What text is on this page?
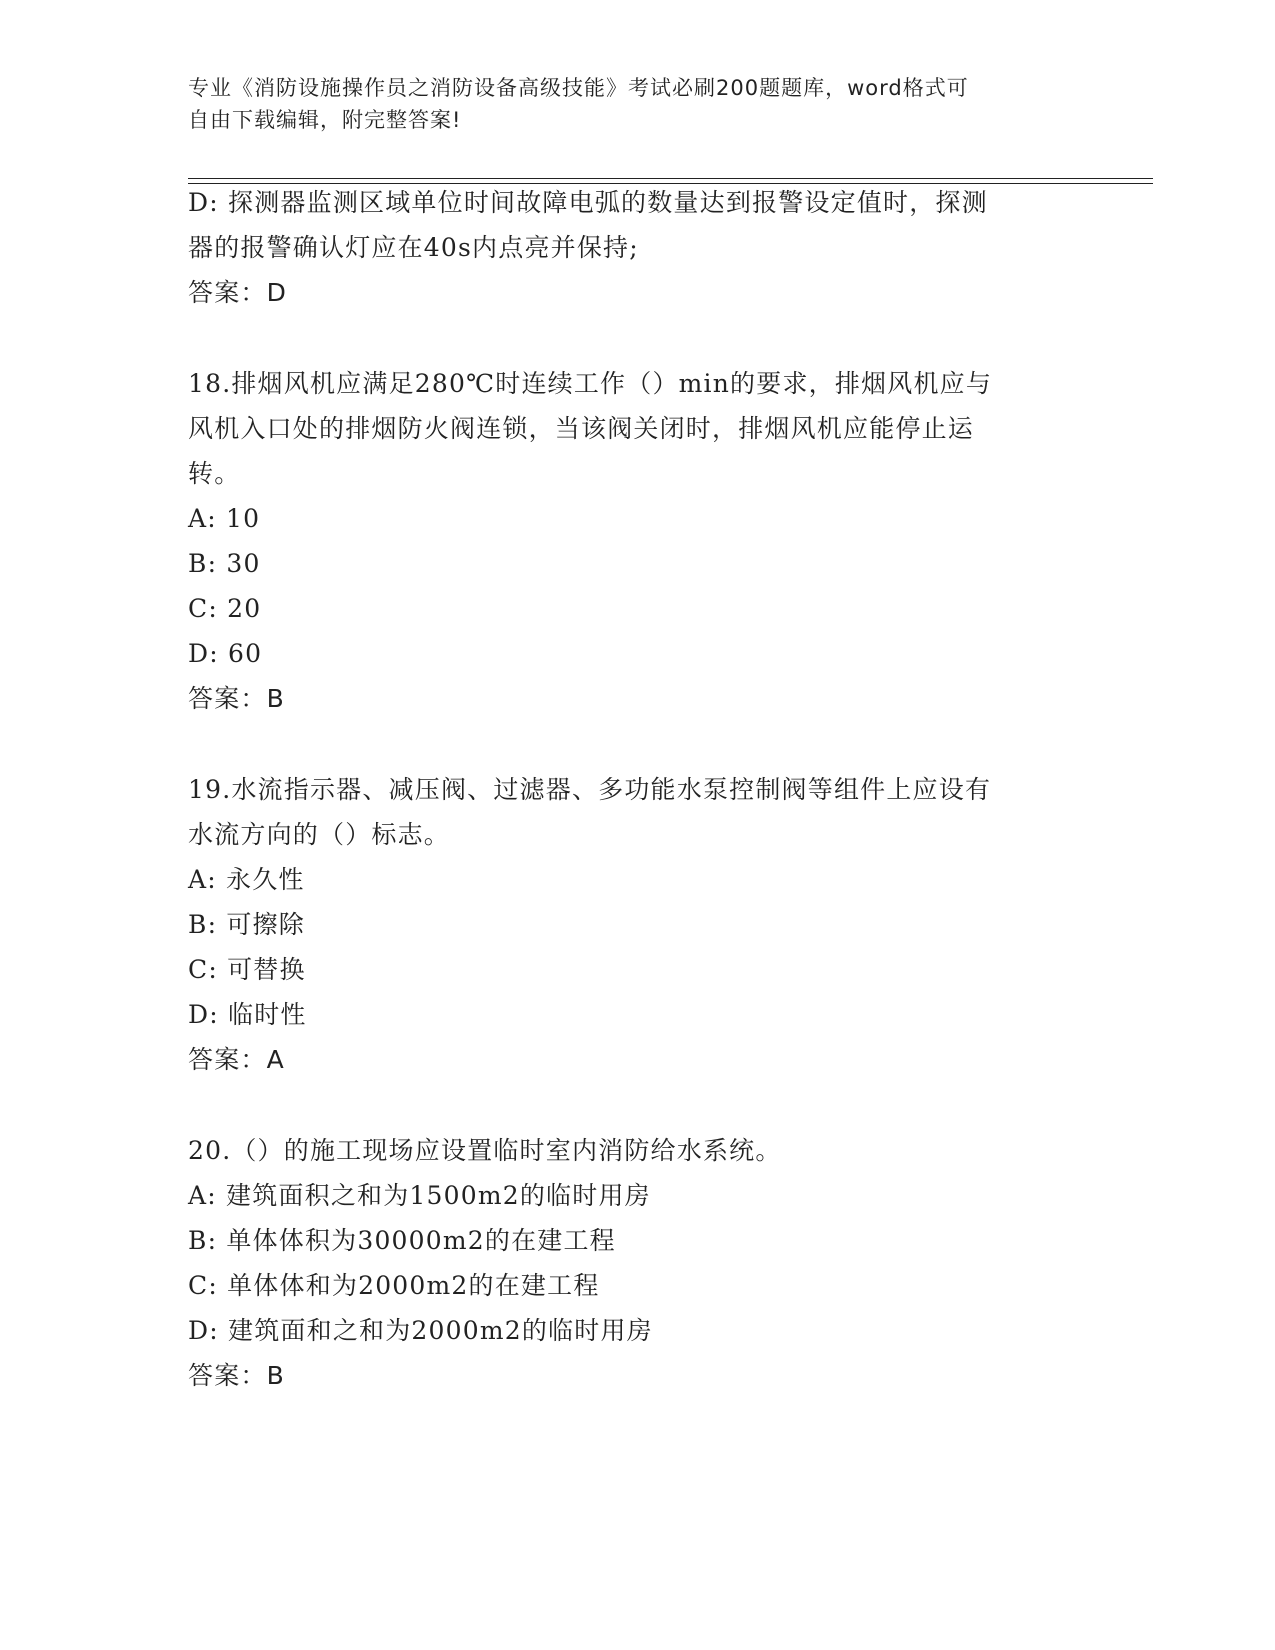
专业《消防设施操作员之消防设备高级技能》考试必刷200题题库，word格式可
自由下载编辑，附完整答案!
D: 探测器监测区域单位时间故障电弧的数量达到报警设定值时，探测
器的报警确认灯应在40s内点亮并保持;
答案：D
18.排烟风机应满足280℃时连续工作（）min的要求，排烟风机应与
风机入口处的排烟防火阀连锁，当该阀关闭时，排烟风机应能停止运
转。
A: 10
B: 30
C: 20
D: 60
答案：B
19.水流指示器、减压阀、过滤器、多功能水泵控制阀等组件上应设有
水流方向的（）标志。
A: 永久性
B: 可擦除
C: 可替换
D: 临时性
答案：A
20.（）的施工现场应设置临时室内消防给水系统。
A: 建筑面积之和为1500m2的临时用房
B: 单体体积为30000m2的在建工程
C: 单体体和为2000m2的在建工程
D: 建筑面和之和为2000m2的临时用房
答案：B
